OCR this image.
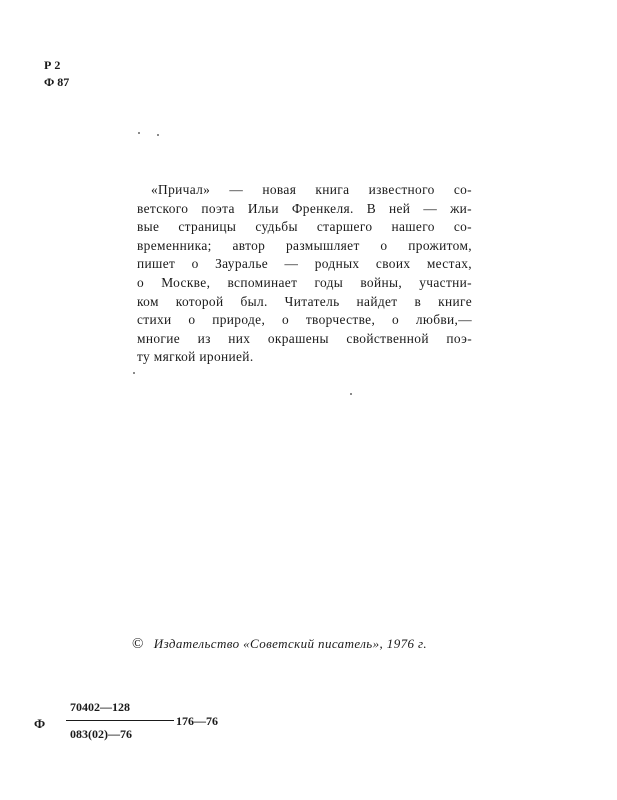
Р 2
Ф 87
«Причал» — новая книга известного со-
ветского поэта Ильи Френкеля. В ней — жи-
вые страницы судьбы старшего нашего со-
временника; автор размышляет о прожитом,
пишет о Зауралье — родных своих местах,
о Москве, вспоминает годы войны, участни-
ком которой был. Читатель найдет в книге
стихи о природе, о творчестве, о любви,—
многие из них окрашены свойственной поэ-
ту мягкой иронией.
© Издательство «Советский писатель», 1976 г.
Ф
70402—128
083(02)—76
176—76
